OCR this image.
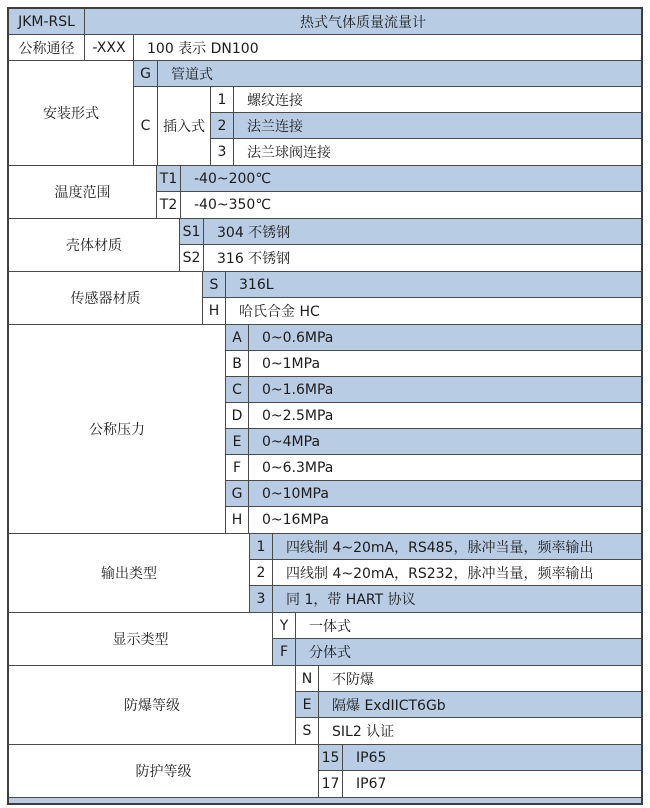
JKM-RSL	热式气体质量流量计
公称通径	-XXX	100 表示 DN100
安装形式
G	管道式
C 插入式
1	螺纹连接
2	法兰连接
3	法兰球阀连接
温度范围
T1	-40~200℃
T2	-40~350℃
壳体材质
S1	304 不锈钢
S2	316 不锈钢
传感器材质
S	316L
H	哈氏合金 HC
公称压力
A	0~0.6MPa
B	0~1MPa
C	0~1.6MPa
D	0~2.5MPa
E	0~4MPa
F	0~6.3MPa
G	0~10MPa
H	0~16MPa
输出类型
1	四线制 4~20mA，RS485，脉冲当量，频率输出
2	四线制 4~20mA，RS232，脉冲当量，频率输出
3	同 1，带 HART 协议
显示类型
Y	一体式
F	分体式
防爆等级
N	不防爆
E	隔爆 ExdIICT6Gb
S	SIL2 认证
防护等级
15	IP65
17	IP67
